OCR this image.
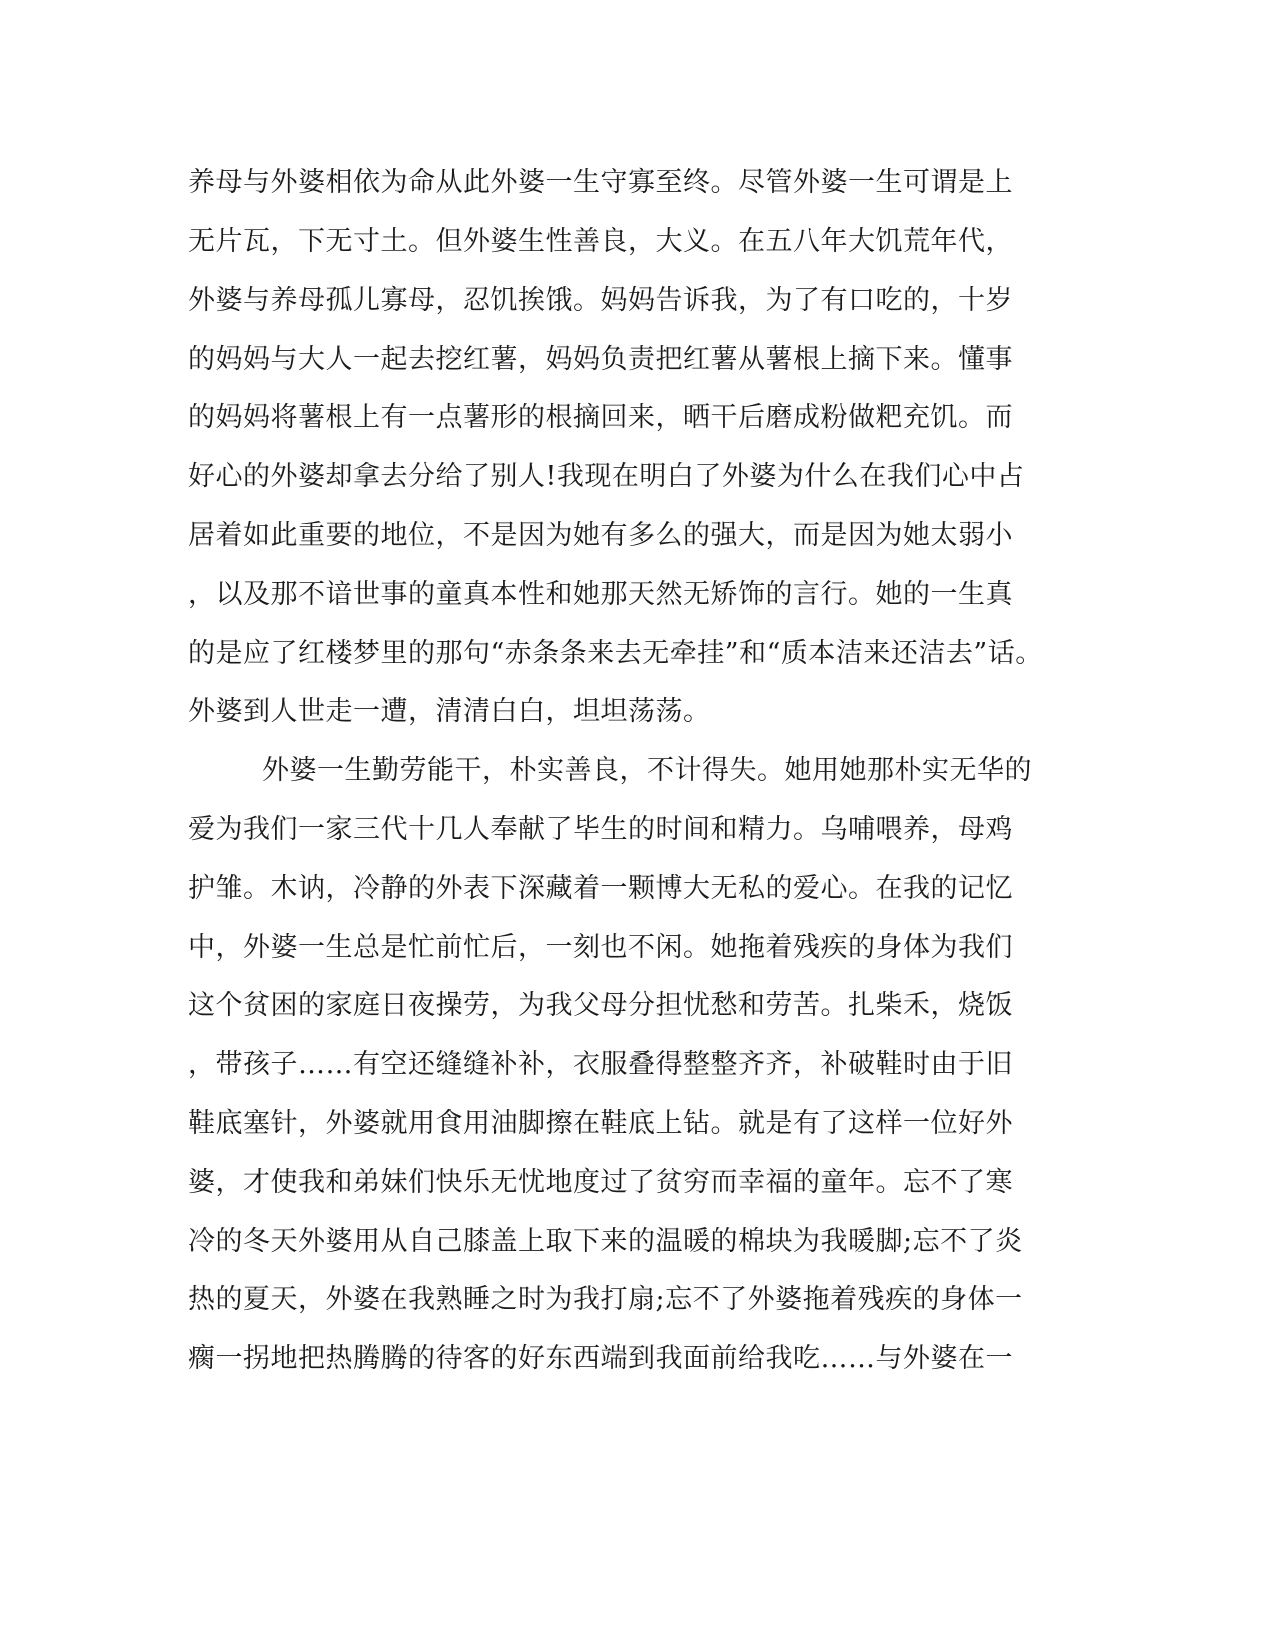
养母与外婆相依为命从此外婆一生守寡至终。尽管外婆一生可谓是上
无片瓦，下无寸土。但外婆生性善良，大义。在五八年大饥荒年代，
外婆与养母孤儿寡母，忍饥挨饿。妈妈告诉我，为了有口吃的，十岁
的妈妈与大人一起去挖红薯，妈妈负责把红薯从薯根上摘下来。懂事
的妈妈将薯根上有一点薯形的根摘回来，晒干后磨成粉做粑充饥。而
好心的外婆却拿去分给了别人!我现在明白了外婆为什么在我们心中占
居着如此重要的地位，不是因为她有多么的强大，而是因为她太弱小
，以及那不谙世事的童真本性和她那天然无矫饰的言行。她的一生真
的是应了红楼梦里的那句“赤条条来去无牵挂”和“质本洁来还洁去”话。
外婆到人世走一遭，清清白白，坦坦荡荡。
外婆一生勤劳能干，朴实善良，不计得失。她用她那朴实无华的
爱为我们一家三代十几人奉献了毕生的时间和精力。乌哺喂养，母鸡
护雏。木讷，冷静的外表下深藏着一颗博大无私的爱心。在我的记忆
中，外婆一生总是忙前忙后，一刻也不闲。她拖着残疾的身体为我们
这个贫困的家庭日夜操劳，为我父母分担忧愁和劳苦。扎柴禾，烧饭
，带孩子……有空还缝缝补补，衣服叠得整整齐齐，补破鞋时由于旧
鞋底塞针，外婆就用食用油脚擦在鞋底上钻。就是有了这样一位好外
婆，才使我和弟妹们快乐无忧地度过了贫穷而幸福的童年。忘不了寒
冷的冬天外婆用从自己膝盖上取下来的温暖的棉块为我暖脚;忘不了炎
热的夏天，外婆在我熟睡之时为我打扇;忘不了外婆拖着残疾的身体一
瘸一拐地把热腾腾的待客的好东西端到我面前给我吃……与外婆在一
